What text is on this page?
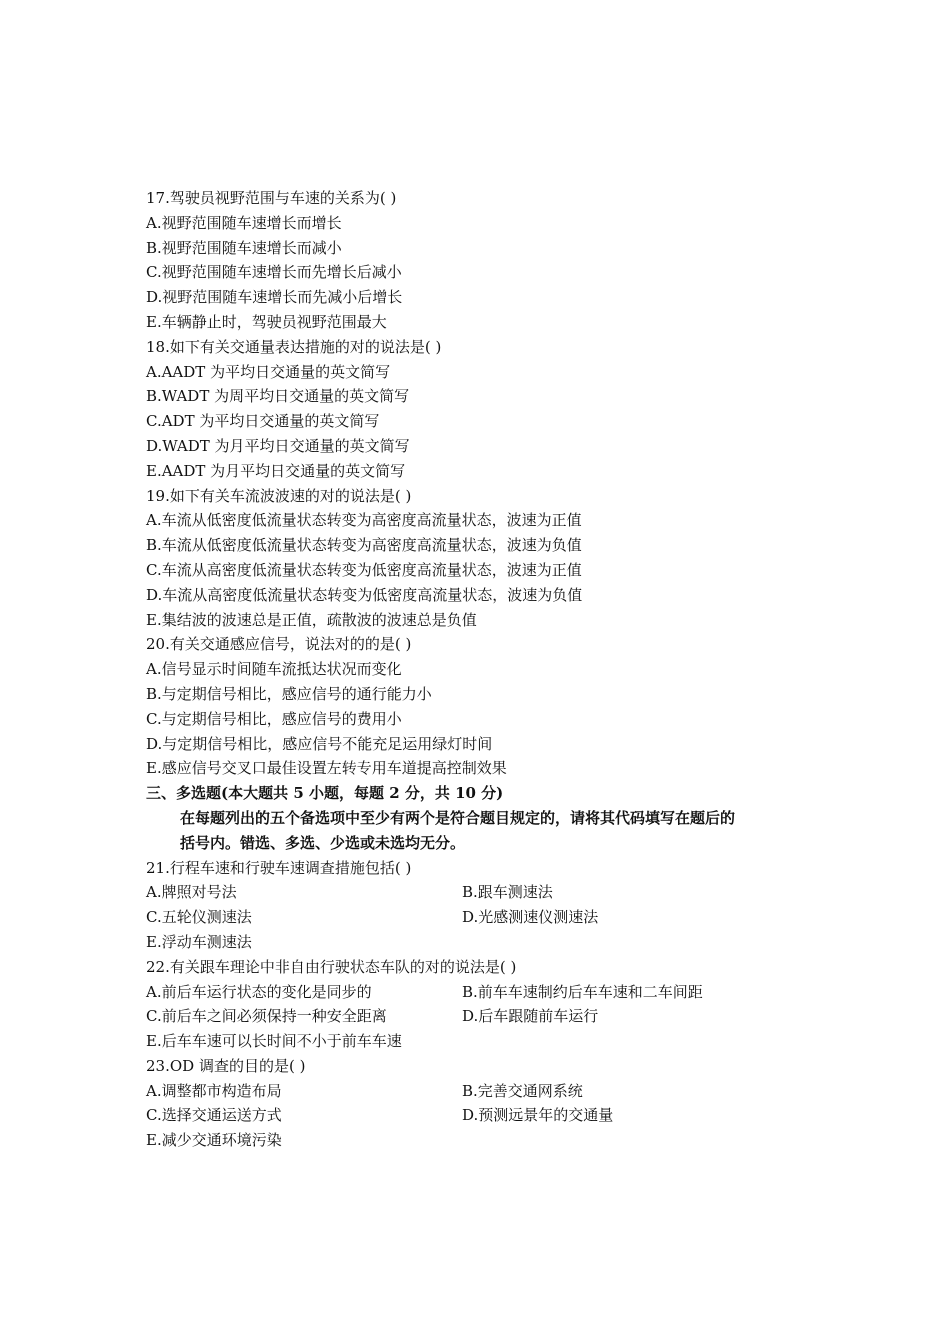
17.驾驶员视野范围与车速的关系为( )
A.视野范围随车速增长而增长
B.视野范围随车速增长而减小
C.视野范围随车速增长而先增长后减小
D.视野范围随车速增长而先减小后增长
E.车辆静止时，驾驶员视野范围最大
18.如下有关交通量表达措施的对的说法是( )
A.AADT 为平均日交通量的英文简写
B.WADT 为周平均日交通量的英文简写
C.ADT 为平均日交通量的英文简写
D.WADT 为月平均日交通量的英文简写
E.AADT 为月平均日交通量的英文简写
19.如下有关车流波波速的对的说法是( )
A.车流从低密度低流量状态转变为高密度高流量状态，波速为正值
B.车流从低密度低流量状态转变为高密度高流量状态，波速为负值
C.车流从高密度低流量状态转变为低密度高流量状态，波速为正值
D.车流从高密度低流量状态转变为低密度高流量状态，波速为负值
E.集结波的波速总是正值，疏散波的波速总是负值
20.有关交通感应信号，说法对的的是( )
A.信号显示时间随车流抵达状况而变化
B.与定期信号相比，感应信号的通行能力小
C.与定期信号相比，感应信号的费用小
D.与定期信号相比，感应信号不能充足运用绿灯时间
E.感应信号交叉口最佳设置左转专用车道提高控制效果
三、多选题(本大题共 5 小题，每题 2 分，共 10 分)
在每题列出的五个备选项中至少有两个是符合题目规定的，请将其代码填写在题后的
括号内。错选、多选、少选或未选均无分。
21.行程车速和行驶车速调查措施包括( )
A.牌照对号法	B.跟车测速法
C.五轮仪测速法	D.光感测速仪测速法
E.浮动车测速法
22.有关跟车理论中非自由行驶状态车队的对的说法是( )
A.前后车运行状态的变化是同步的	B.前车车速制约后车车速和二车间距
C.前后车之间必须保持一种安全距离	D.后车跟随前车运行
E.后车车速可以长时间不小于前车车速
23.OD 调查的目的是( )
A.调整都市构造布局	B.完善交通网系统
C.选择交通运送方式	D.预测远景年的交通量
E.减少交通环境污染
